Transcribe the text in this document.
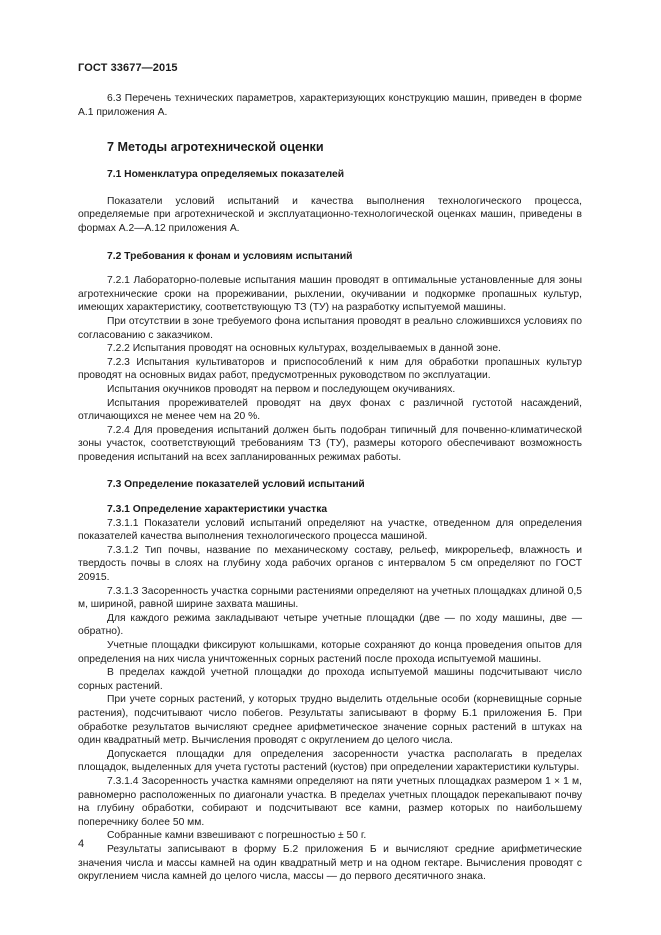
ГОСТ 33677—2015

6.3 Перечень технических параметров, характеризующих конструкцию машин, приведен в форме А.1 приложения А.

7 Методы агротехнической оценки
7.1 Номенклатура определяемых показателей

Показатели условий испытаний и качества выполнения технологического процесса, определяемые при агротехнической и эксплуатационно-технологической оценках машин, приведены в формах А.2—А.12 приложения А.

7.2 Требования к фонам и условиям испытаний

7.2.1 Лабораторно-полевые испытания машин проводят в оптимальные установленные для зоны агротехнические сроки на прореживании, рыхлении, окучивании и подкормке пропашных культур, имеющих характеристику, соответствующую ТЗ (ТУ) на разработку испытуемой машины.

При отсутствии в зоне требуемого фона испытания проводят в реально сложившихся условиях по согласованию с заказчиком.

7.2.2 Испытания проводят на основных культурах, возделываемых в данной зоне.

7.2.3 Испытания культиваторов и приспособлений к ним для обработки пропашных культур проводят на основных видах работ, предусмотренных руководством по эксплуатации.

Испытания окучников проводят на первом и последующем окучиваниях.

Испытания прореживателей проводят на двух фонах с различной густотой насаждений, отличающихся не менее чем на 20 %.

7.2.4 Для проведения испытаний должен быть подобран типичный для почвенно-климатической зоны участок, соответствующий требованиям ТЗ (ТУ), размеры которого обеспечивают возможность проведения испытаний на всех запланированных режимах работы.

7.3 Определение показателей условий испытаний
7.3.1 Определение характеристики участка

7.3.1.1 Показатели условий испытаний определяют на участке, отведенном для определения показателей качества выполнения технологического процесса машиной.

7.3.1.2 Тип почвы, название по механическому составу, рельеф, микрорельеф, влажность и твердость почвы в слоях на глубину хода рабочих органов с интервалом 5 см определяют по ГОСТ 20915.

7.3.1.3 Засоренность участка сорными растениями определяют на учетных площадках длиной 0,5 м, шириной, равной ширине захвата машины.

Для каждого режима закладывают четыре учетные площадки (две — по ходу машины, две — обратно).

Учетные площадки фиксируют колышками, которые сохраняют до конца проведения опытов для определения на них числа уничтоженных сорных растений после прохода испытуемой машины.

В пределах каждой учетной площадки до прохода испытуемой машины подсчитывают число сорных растений.

При учете сорных растений, у которых трудно выделить отдельные особи (корневищные сорные растения), подсчитывают число побегов. Результаты записывают в форму Б.1 приложения Б. При обработке результатов вычисляют среднее арифметическое значение сорных растений в штуках на один квадратный метр. Вычисления проводят с округлением до целого числа.

Допускается площадки для определения засоренности участка располагать в пределах площадок, выделенных для учета густоты растений (кустов) при определении характеристики культуры.

7.3.1.4 Засоренность участка камнями определяют на пяти учетных площадках размером 1 × 1 м, равномерно расположенных по диагонали участка. В пределах учетных площадок перекапывают почву на глубину обработки, собирают и подсчитывают все камни, размер которых по наибольшему поперечнику более 50 мм.

Собранные камни взвешивают с погрешностью ± 50 г.

Результаты записывают в форму Б.2 приложения Б и вычисляют средние арифметические значения числа и массы камней на один квадратный метр и на одном гектаре. Вычисления проводят с округлением числа камней до целого числа, массы — до первого десятичного знака.

4
